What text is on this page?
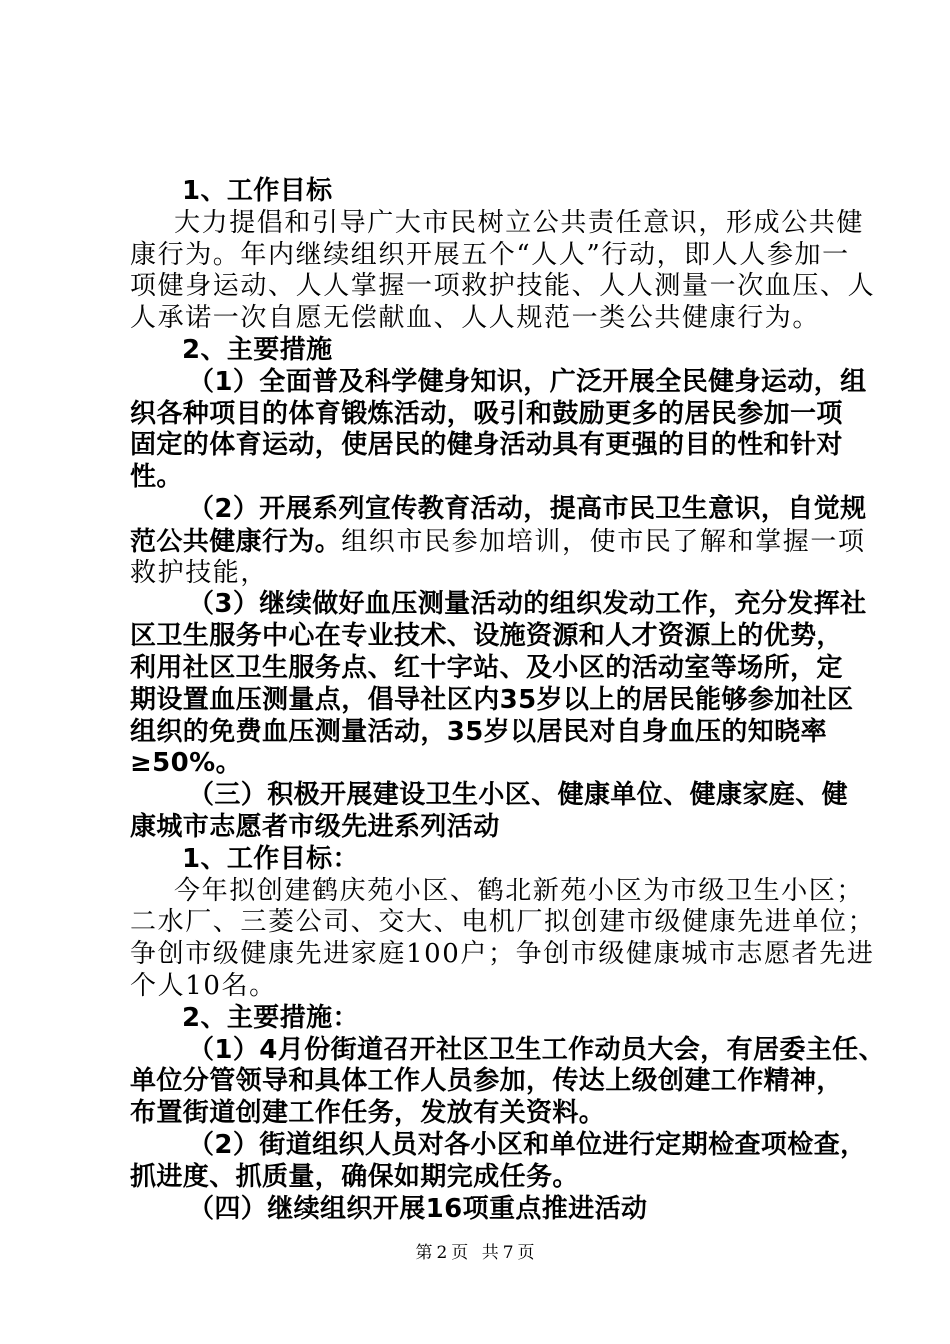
1、工作目标
大力提倡和引导广大市民树立公共责任意识，形成公共健
康行为。年内继续组织开展五个“人人”行动，即人人参加一
项健身运动、人人掌握一项救护技能、人人测量一次血压、人
人承诺一次自愿无偿献血、人人规范一类公共健康行为。
2、主要措施
（1）全面普及科学健身知识，广泛开展全民健身运动，组
织各种项目的体育锻炼活动，吸引和鼓励更多的居民参加一项
固定的体育运动，使居民的健身活动具有更强的目的性和针对
性。
（2）开展系列宣传教育活动，提高市民卫生意识，自觉规
范公共健康行为。组织市民参加培训，使市民了解和掌握一项
救护技能，
（3）继续做好血压测量活动的组织发动工作，充分发挥社
区卫生服务中心在专业技术、设施资源和人才资源上的优势，
利用社区卫生服务点、红十字站、及小区的活动室等场所，定
期设置血压测量点，倡导社区内35岁以上的居民能够参加社区
组织的免费血压测量活动，35岁以居民对自身血压的知晓率
≥50%。
（三）积极开展建设卫生小区、健康单位、健康家庭、健
康城市志愿者市级先进系列活动
1、工作目标：
今年拟创建鹤庆苑小区、鹤北新苑小区为市级卫生小区；
二水厂、三菱公司、交大、电机厂拟创建市级健康先进单位；
争创市级健康先进家庭100户；争创市级健康城市志愿者先进
个人10名。
2、主要措施：
（1）4月份街道召开社区卫生工作动员大会，有居委主任、
单位分管领导和具体工作人员参加，传达上级创建工作精神，
布置街道创建工作任务，发放有关资料。
（2）街道组织人员对各小区和单位进行定期检查项检查，
抓进度、抓质量，确保如期完成任务。
（四）继续组织开展16项重点推进活动
第 2 页 共 7 页
